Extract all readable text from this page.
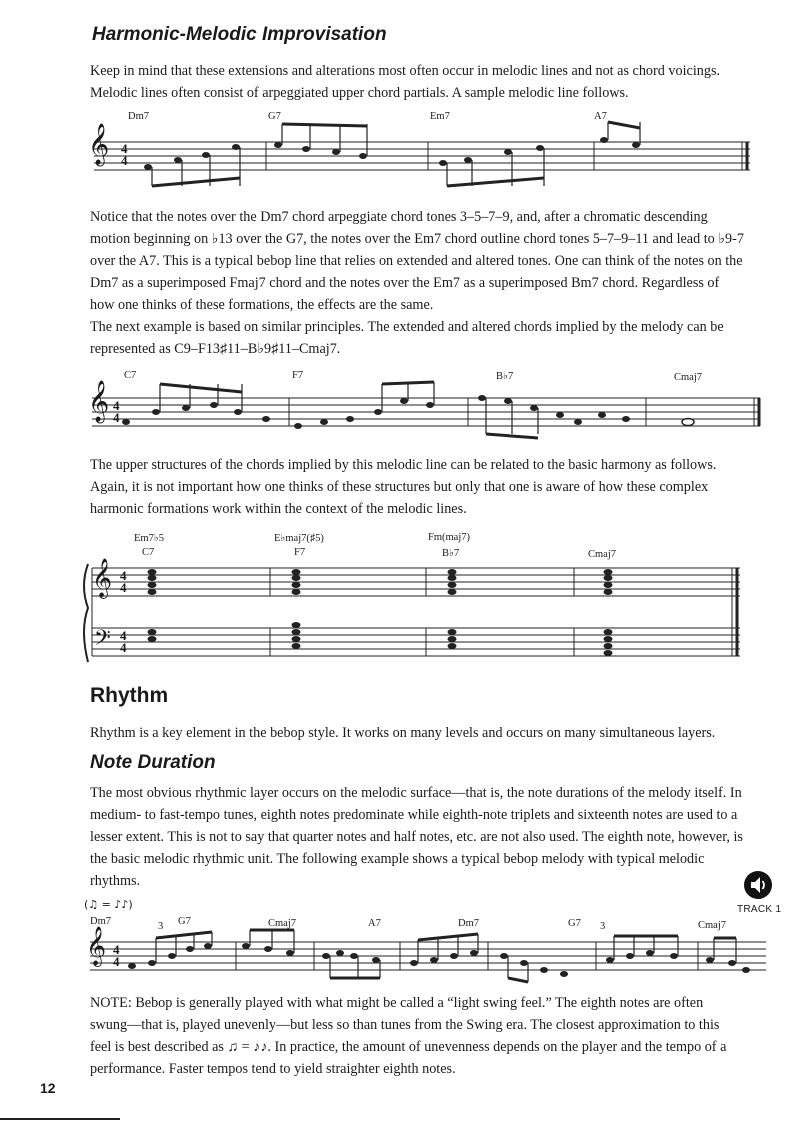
Harmonic-Melodic Improvisation

Keep in mind that these extensions and alterations most often occur in melodic lines and not as chord voicings. Melodic lines often consist of arpeggiated upper chord partials. A sample melodic line follows.

Dm7	G7	Em7	A7
𝄞 4
4

Notice that the notes over the Dm7 chord arpeggiate chord tones 3–5–7–9, and, after a chromatic descending motion beginning on ♭13 over the G7, the notes over the Em7 chord outline chord tones 5–7–9–11 and lead to ♭9-7 over the A7. This is a typical bebop line that relies on extended and altered tones. One can think of the notes on the Dm7 as a superimposed Fmaj7 chord and the notes over the Em7 as a superimposed Bm7 chord. Regardless of how one thinks of these formations, the effects are the same.

The next example is based on similar principles. The extended and altered chords implied by the melody can be represented as C9–F13♯11–B♭9♯11–Cmaj7.

C7	F7	B♭7	Cmaj7
𝄞 4
4

The upper structures of the chords implied by this melodic line can be related to the basic harmony as follows. Again, it is not important how one thinks of these structures but only that one is aware of how these complex harmonic formations work within the context of the melodic lines.

Em7♭5	E♭maj7(♯5)	Fm(maj7)
C7	F7	B♭7	Cmaj7
𝄞
𝄢
4
4
4
4
Rhythm

Rhythm is a key element in the bebop style. It works on many levels and occurs on many simultaneous layers.

Note Duration

The most obvious rhythmic layer occurs on the melodic surface—that is, the note durations of the melody itself. In medium- to fast-tempo tunes, eighth notes predominate while eighth-note triplets and sixteenth notes are used to a lesser extent. This is not to say that quarter notes and half notes, etc. are not also used. The eighth note, however, is the basic melodic rhythmic unit. The following example shows a typical bebop melody with typical melodic rhythms.

(♫ = ♪♪)	TRACK 1
Dm7	G7	Cmaj7	A7	Dm7	G7	Cmaj7
3	3
𝄞 4
4

NOTE: Bebop is generally played with what might be called a “light swing feel.” The eighth notes are often swung—that is, played unevenly—but less so than tunes from the Swing era. The closest approximation to this feel is best described as ♫ = ♪♪. In practice, the amount of unevenness depends on the player and the tempo of a performance. Faster tempos tend to yield straighter eighth notes.

12
